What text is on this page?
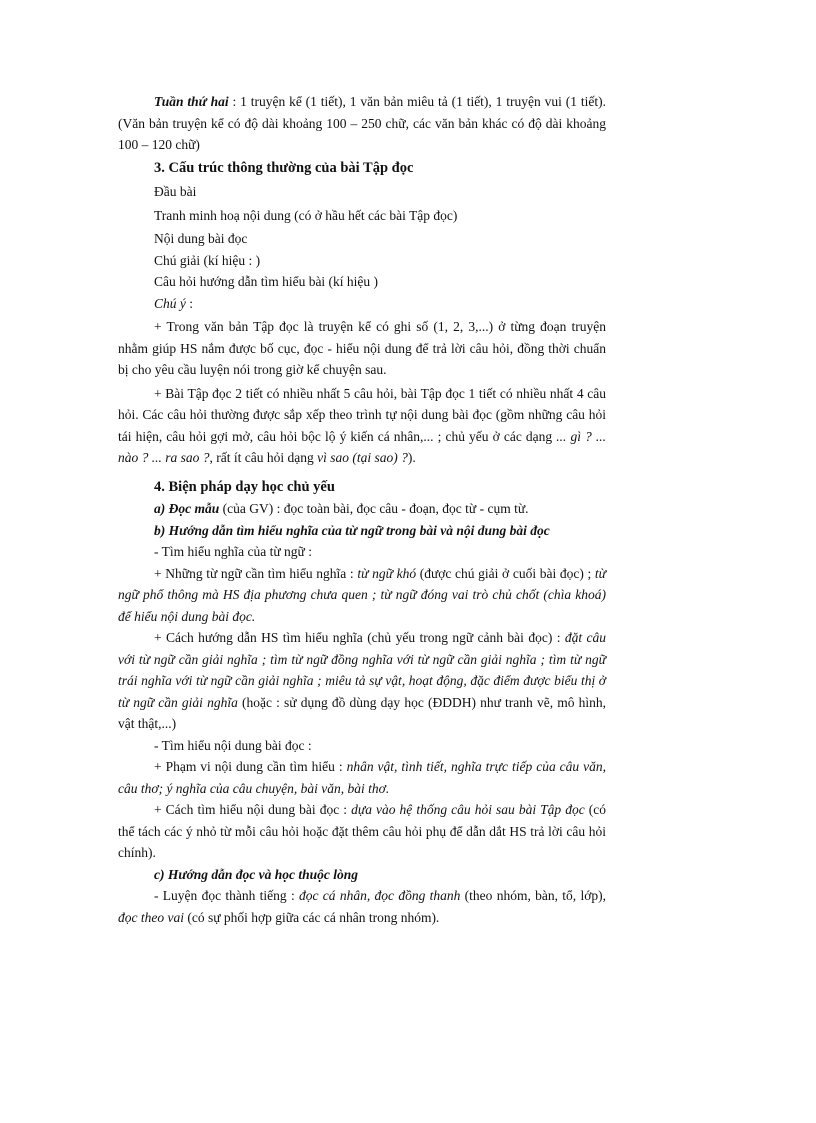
Tuần thứ hai : 1 truyện kể (1 tiết), 1 văn bản miêu tả (1 tiết), 1 truyện vui (1 tiết). (Văn bản truyện kể có độ dài khoảng 100 – 250 chữ, các văn bản khác có độ dài khoảng 100 – 120 chữ)

3. Cấu trúc thông thường của bài Tập đọc

Đầu bài

Tranh minh hoạ nội dung (có ở hầu hết các bài Tập đọc)

Nội dung bài đọc

Chú giải (kí hiệu : )

Câu hỏi hướng dẫn tìm hiểu bài (kí hiệu )

Chú ý :

+ Trong văn bản Tập đọc là truyện kể có ghi số (1, 2, 3,...) ở từng đoạn truyện nhằm giúp HS nắm được bố cục, đọc - hiểu nội dung để trả lời câu hỏi, đồng thời chuẩn bị cho yêu cầu luyện nói trong giờ kể chuyện sau.

+ Bài Tập đọc 2 tiết có nhiều nhất 5 câu hỏi, bài Tập đọc 1 tiết có nhiều nhất 4 câu hỏi. Các câu hỏi thường được sắp xếp theo trình tự nội dung bài đọc (gồm những câu hỏi tái hiện, câu hỏi gợi mở, câu hỏi bộc lộ ý kiến cá nhân,... ; chủ yếu ở các dạng ... gì ? ... nào ? ... ra sao ?, rất ít câu hỏi dạng vì sao (tại sao) ?).

4. Biện pháp dạy học chủ yếu

a) Đọc mẫu (của GV) : đọc toàn bài, đọc câu - đoạn, đọc từ - cụm từ.

b) Hướng dẫn tìm hiểu nghĩa của từ ngữ trong bài và nội dung bài đọc

- Tìm hiểu nghĩa của từ ngữ :

+ Những từ ngữ cần tìm hiểu nghĩa : từ ngữ khó (được chú giải ở cuối bài đọc) ; từ ngữ phổ thông mà HS địa phương chưa quen ; từ ngữ đóng vai trò chủ chốt (chìa khoá) để hiểu nội dung bài đọc.

+ Cách hướng dẫn HS tìm hiểu nghĩa (chủ yếu trong ngữ cảnh bài đọc) : đặt câu với từ ngữ cần giải nghĩa ; tìm từ ngữ đồng nghĩa với từ ngữ cần giải nghĩa ; tìm từ ngữ trái nghĩa với từ ngữ cần giải nghĩa ; miêu tả sự vật, hoạt động, đặc điểm được biểu thị ở từ ngữ cần giải nghĩa (hoặc : sử dụng đồ dùng dạy học (ĐDDH) như tranh vẽ, mô hình, vật thật,...)

- Tìm hiểu nội dung bài đọc :

+ Phạm vi nội dung cần tìm hiểu : nhân vật, tình tiết, nghĩa trực tiếp của câu văn, câu thơ; ý nghĩa của câu chuyện, bài văn, bài thơ.

+ Cách tìm hiểu nội dung bài đọc : dựa vào hệ thống câu hỏi sau bài Tập đọc (có thể tách các ý nhỏ từ mỗi câu hỏi hoặc đặt thêm câu hỏi phụ để dẫn dắt HS trả lời câu hỏi chính).

c) Hướng dẫn đọc và học thuộc lòng

- Luyện đọc thành tiếng : đọc cá nhân, đọc đồng thanh (theo nhóm, bàn, tổ, lớp), đọc theo vai (có sự phối hợp giữa các cá nhân trong nhóm).
